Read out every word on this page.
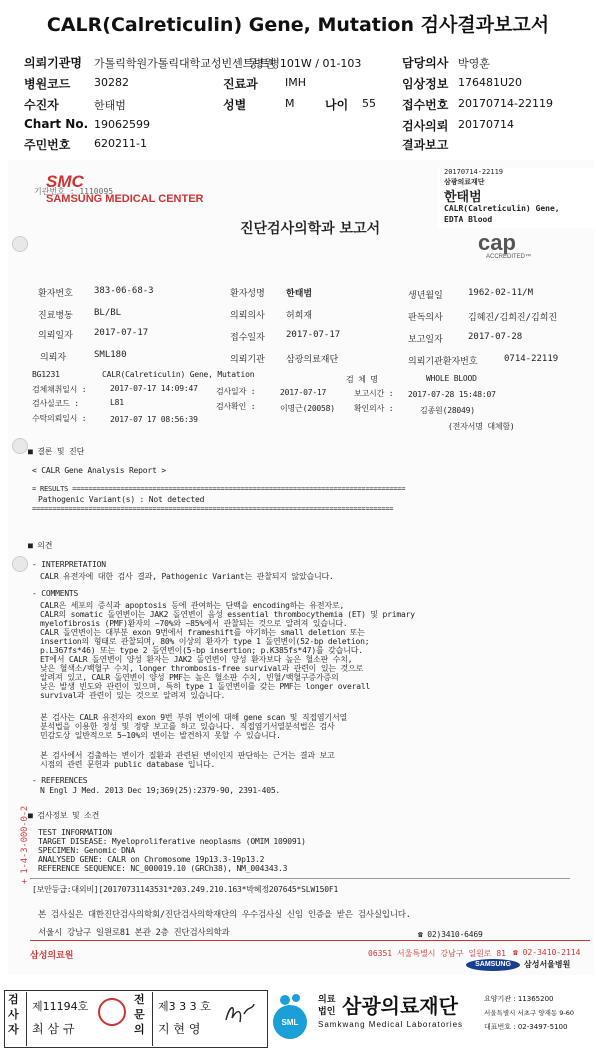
CALR(Calreticulin) Gene, Mutation 검사결과보고서
의뢰기관명 가톨릭학원가톨릭대학교성빈센트병원
동트병101W / 01-103	담당의사 박영훈
병원코드 30282	진료과 IMH	임상정보 176481U20
수진자	한태범	성별	M	나이 55 접수번호 20170714-22119
Chart No. 19062599	검사의뢰 20170714
주민번호 620211-1	결과보고
기관번호 : 1110095
SMC
SAMSUNG MEDICAL CENTER
20170714-22119
삼광의료재단
한태범
CALR(Calreticulin) Gene,
EDTA Blood
cap
ACCREDITED™
진단검사의학과 보고서
환자번호 383-06-68-3	환자성명 한태범	생년월일	1962-02-11/M
진료병동 BL/BL	의뢰의사 허희재	판독의사	김혜진/김희진/김희진
의뢰일자 2017-07-17	접수일자 2017-07-17	보고일자	2017-07-28
의뢰자	SML180	의뢰기관 삼광의료재단	의뢰기관환자번호	0714-22119
BG1231	CALR(Calreticulin) Gene, Mutation
검 체 명	WHOLE BLOOD
검체채취일시 :	2017-07-17 14:09:47 검사일자 :	2017-07-17	보고시간 : 2017-07-28 15:48:07
검사실코드 :	L81	검사확인 :	이명근(20058) 확인의사 :	김종원(28049)
수탁의뢰일시 :	2017-07 17 08:56:39
(전자서명 대체함)
■ 결론 및 진단
< CALR Gene Analysis Report >
= RESULTS ===================================================================================
Pathogenic Variant(s) : Not detected
==========================================================================================
■ 의견
- INTERPRETATION
CALR 유전자에 대한 검사 결과, Pathogenic Variant는 관찰되지 않았습니다.
- COMMENTS
CALR은 세포의 증식과 apoptosis 등에 관여하는 단백을 encoding하는 유전자로,
CALR의 somatic 돌연변이는 JAK2 돌연변이 음성 essential thrombocythemia (ET) 및 primary
myelofibrosis (PMF)환자의 ~70%와 ~85%에서 관찰되는 것으로 알려져 있습니다.
CALR 돌연변이는 대부분 exon 9번에서 frameshift를 야기하는 small deletion 또는
insertion의 형태로 관찰되며, 80% 이상의 환자가 type 1 돌연변이(52-bp deletion;
p.L367fs*46) 또는 type 2 돌연변이(5-bp insertion; p.K385fs*47)를 갖습니다.
ET에서 CALR 돌연변이 양성 환자는 JAK2 돌연변이 양성 환자보다 높은 혈소판 수치,
낮은 혈색소/백혈구 수치, longer thrombosis-free survival과 관련이 있는 것으로
알려져 있고, CALR 돌연변이 양성 PMF는 높은 혈소판 수치, 빈혈/백혈구증가증의
낮은 발생 빈도와 관련이 있으며, 특히 type 1 돌연변이를 갖는 PMF는 longer overall
survival과 관련이 있는 것으로 알려져 있습니다.
본 검사는 CALR 유전자의 exon 9번 부위 변이에 대해 gene scan 및 직접염기서열
분석법을 이용한 정성 및 정량 보고를 하고 있습니다. 직접염기서열분석법은 검사
민감도상 일반적으로 5~10%의 변이는 발견하지 못할 수 있습니다.
본 검사에서 검출하는 변이가 질환과 관련된 변이인지 판단하는 근거는 결과 보고
시점의 관련 문헌과 public database 입니다.
- REFERENCES
N Engl J Med. 2013 Dec 19;369(25):2379-90, 2391-405.
■ 검사정보 및 소견
TEST INFORMATION
TARGET DISEASE: Myeloproliferative neoplasms (OMIM 109091)
SPECIMEN: Genomic DNA
ANALYSED GENE: CALR on Chromosome 19p13.3-19p13.2
REFERENCE SEQUENCE: NC_000019.10 (GRCh38), NM_004343.3
+ 1-4-3-000-0-2
[보안등급:대외비][20170731143531*203.249.210.163*박혜정207645*SLW150F1
본 검사실은 대한진단검사의학회/진단검사의학재단의 우수검사실 신임 인증을 받은 검사실입니다.
서울시 강남구 일원로81 본관 2층 진단검사의학과	☎ 02)3410-6469
삼성의료원	06351 서울특별시 강남구 일원로 81 ☎ 02-3410-2114
SAMSUNG	삼성서울병원
검사자
제11194호
최 삼 규
전문의
제3 3 3 호
지 현 영	SML
의료
법인 삼광의료재단
Samkwang Medical Laboratories
요양기관 : 11365200
서울특별시 서초구 양재동 9-60
대표번호 : 02-3497-5100
